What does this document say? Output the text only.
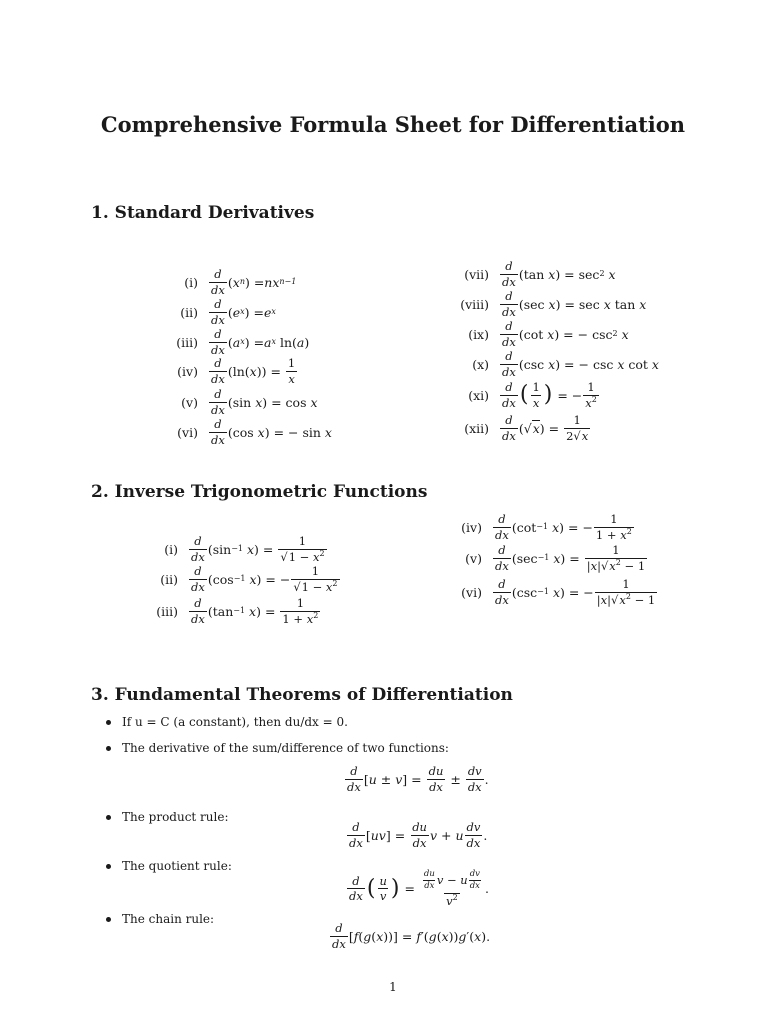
Comprehensive Formula Sheet for Differentiation
1. Standard Derivatives
(i)
d
dx ( x n ) = nx n−1
(ii)
d
dx ( e x ) = e x
(iii)
d
dx ( a x ) = a x ln( a )
(iv)
d
dx (ln( x )) =
1
x
(v)
d
dx (sin x ) = cos x
(vi)
d
dx (cos x ) = − sin x
(vii)
d
dx (tan x ) = sec 2
x
(viii)
d
dx (sec x ) = sec x tan x
(ix)
d
dx (cot x ) = − csc 2
x
(x)
d
dx (csc x ) = − csc x cot x
(xi)
d
dx ( 1
x ) = −
1
$x^2$
(xii)
d
dx (√ x ) =
1
2√x
2. Inverse Trigonometric Functions
(i)
d
dx (sin −1
x ) =
1
$√1 - x^2$
(ii)
d
dx (cos −1
x ) = −
1
$√1 - x^2$
(iii)
d
dx (tan −1
x ) =
1
$1 + x^2$
(iv)
d
dx (cot −1
x ) = −
1
$1 + x^2$
(v)
d
dx (sec −1
x ) =
1
$|x|√x^2 - 1$
(vi)
d
dx (csc −1
x ) = −
1
$|x|√x^2 - 1$
3. Fundamental Theorems of Differentiation
If u = C (a constant), then du/dx = 0.
The derivative of the sum/difference of two functions:
The product rule:
The quotient rule:
The chain rule:
d
dx [ u ± v ] =
du
dx ±
dv
dx .
d
dx [ uv ] =
du
dx v + u
dv
dx .
d
dx ( u
v ) = $\frac{du}{dx}$ v − u $\frac{dv}{dx}$
$v^2$
.
d
dx [ f ( g ( x ))] = f ′( g ( x )) g ′( x ).
1
